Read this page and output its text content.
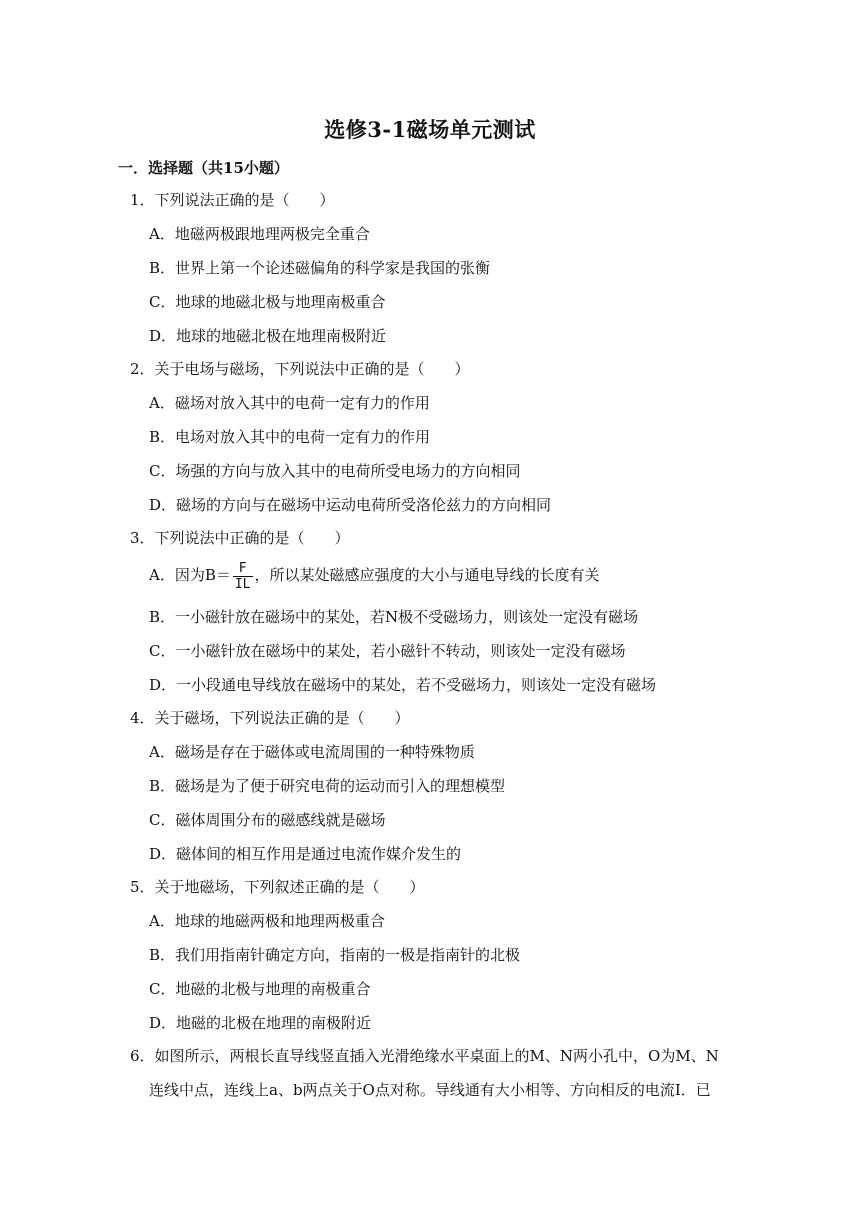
选修3-1磁场单元测试
一．选择题（共15小题）
1．下列说法正确的是（　　）
A．地磁两极跟地理两极完全重合
B．世界上第一个论述磁偏角的科学家是我国的张衡
C．地球的地磁北极与地理南极重合
D．地球的地磁北极在地理南极附近
2．关于电场与磁场，下列说法中正确的是（　　）
A．磁场对放入其中的电荷一定有力的作用
B．电场对放入其中的电荷一定有力的作用
C．场强的方向与放入其中的电荷所受电场力的方向相同
D．磁场的方向与在磁场中运动电荷所受洛伦兹力的方向相同
3．下列说法中正确的是（　　）
A．因为$B= \frac{F}{IL}$ ，所以某处磁感应强度的大小与通电导线的长度有关
B．一小磁针放在磁场中的某处，若N极不受磁场力，则该处一定没有磁场
C．一小磁针放在磁场中的某处，若小磁针不转动，则该处一定没有磁场
D．一小段通电导线放在磁场中的某处，若不受磁场力，则该处一定没有磁场
4．关于磁场，下列说法正确的是（　　）
A．磁场是存在于磁体或电流周围的一种特殊物质
B．磁场是为了便于研究电荷的运动而引入的理想模型
C．磁体周围分布的磁感线就是磁场
D．磁体间的相互作用是通过电流作媒介发生的
5．关于地磁场，下列叙述正确的是（　　）
A．地球的地磁两极和地理两极重合
B．我们用指南针确定方向，指南的一极是指南针的北极
C．地磁的北极与地理的南极重合
D．地磁的北极在地理的南极附近
6．如图所示，两根长直导线竖直插入光滑绝缘水平桌面上的M、N两小孔中，O为M、N
连线中点，连线上a、b两点关于O点对称。导线通有大小相等、方向相反的电流I．已
